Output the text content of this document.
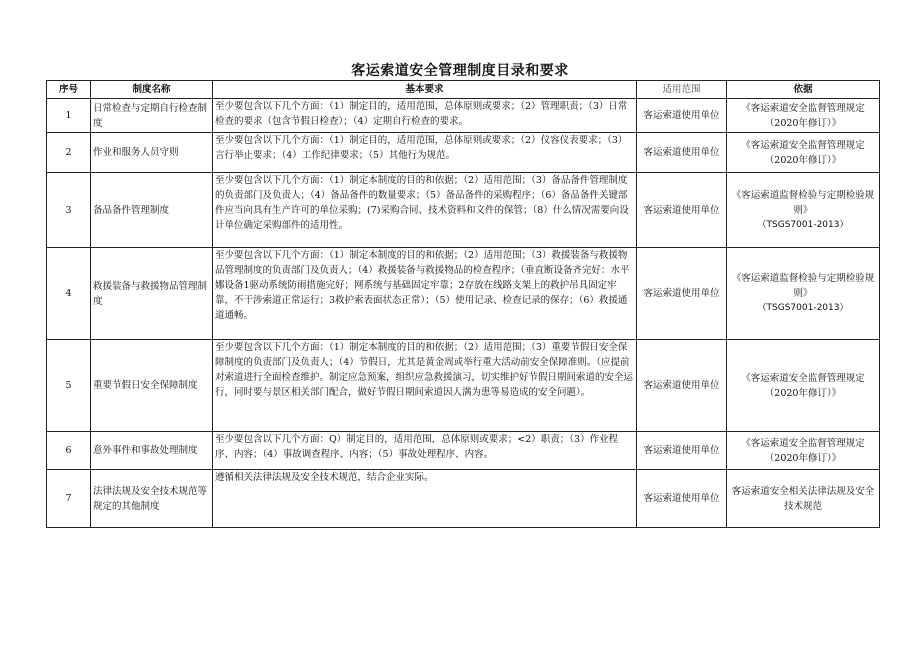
客运索道安全管理制度目录和要求
序号	制度名称	基本要求	适用范围	依据
1	日常检查与定期自行检查制度	至少要包含以下几个方面：（1）制定目的，适用范围，总体原则或要求；（2）管理职责；（3）日常检查的要求（包含节假日检查）；（4）定期自行检查的要求。	客运索道使用单位	《客运索道安全监督管理规定（2020年修订）》
2	作业和服务人员守则	至少要包含以下几个方面：（1）制定目的，适用范围，总体原则或要求；（2）仪容仪表要求；（3）言行举止要求；（4）工作纪律要求；（5）其他行为规范。	客运索道使用单位	《客运索道安全监督管理规定（2020年修订）》
3	备品备件管理制度	至少要包含以下几个方面：（1）制定本制度的目的和依据；（2）适用范围；（3）备品备件管理制度的负责部门及负责人；（4）备品备件的数量要求；（5）备品备件的采购程序；（6）备品备件关键部件应当向具有生产许可的单位采购；(7)采购合同、技术资料和文件的保管；（8）什么情况需要向设计单位确定采购部件的适用性。	客运索道使用单位	《客运索道监督检验与定期检验规则》
（TSGS7001-2013）

4	救援装备与救援物品管理制度	至少要包含以下几个方面：（1）制定本制度的目的和依据；（2）适用范围；（3）救援装备与救援物品管理制度的负责部门及负责人；（4）救援装备与救援物品的检查程序；（垂直断设备齐完好：水平娜设备1驱动系统防雨措施完好；网系统与基础固定牢靠；2存放在线路支架上的救护吊具固定牢靠，不干涉索道正常运行；3救护索表面状态正常）；（5）使用记录、检查记录的保存；（6）救援通道通畅。	客运索道使用单位	《客运索道监督检验与定期检验规则》
（TSGS7001-2013）

5	重要节假日安全保障制度	至少要包含以下几个方面：（1）制定本制度的目的和依据；（2）适用范围；（3）重要节假日安全保障制度的负责部门及负责人；（4）节假日，尤其是黄金周或举行重大活动前安全保障准则。（应提前对索道进行全面检查维护。制定应急预案，组织应急救援演习，切实维护好节假日期间索道的安全运行，同时要与景区相关部门配合，做好节假日期间索道因人满为患等易造成的安全问题）。	客运索道使用单位	《客运索道安全监督管理规定（2020年修订）》
6	意外事件和事故处理制度	至少要包含以下几个方面：Q）制定目的，适用范围，总体原则或要求；<2）职责；（3）作业程序、内容；（4）事故调查程序、内容；（5）事故处理程序、内容。	客运索道使用单位	《客运索道安全监督管理规定（2020年修订）》
7	法律法规及安全技术规范等规定的其他制度	遵循相关法律法规及安全技术规范，结合企业实际。	客运索道使用单位	客运索道安全相关法律法规及安全技术规范
